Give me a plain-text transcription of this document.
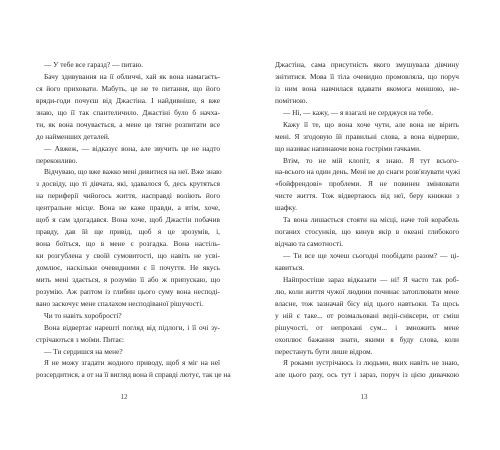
— У тебе все гаразд? — питаю.
Бачу здивування на її обличчі, хай як вона намагаєть-
ся його приховати. Мабуть, це не те питання, що його
вряди-годи почуєш від Джастіна. І найдивніше, я вже
знаю, що її так спантеличило. Джастіні було б начха-
ти, як вона почувається, а мене це тягне розпитати все
до найменших деталей.
— Авжеж, — відказує вона, але звучить це не надто
переконливо.
Відчуваю, що вже важко мені дивитися на неї. Вже знаю
з досвіду, що ті дівчата, які, здавалося б, десь крутяться
на периферії чийогось життя, насправді воліють його
центральне місце. Вона не каже правди, а втім, хоче,
щоб я сам здогадався. Вона хоче, щоб Джастін побачив
правду, дав їй ще привід, щоб я це зрозумів, і,
вона боїться, що в мене є розгадка. Вона настіль-
ки розгублена у своїй сумовитості, що навіть не усві-
домлює, наскільки очевидними є її почуття. Не якусь
мить мені здається, я розумію її або ж припускаю, що
розумію. Аж раптом із глибин цього суму вона несподі-
вано заскочує мене спалахом несподіваної рішучості.
Чи то навіть хоробрості?
Вона відвертає нарешті погляд від підлоги, і її очі зу-
стрічаються з моїми. Питає:
— Ти сердишся на мене?
Я не можу згадати жодного приводу, щоб я міг на неї
розсердитися, а от на її вигляд вона й справді лютує, так це на
12
Джастіна, сама присутність якого змушувала дівчину
знітитися. Мова її тіла очевидно промовляла, що поруч
із ним вона навчилася вдавати якомога меншою, не-
помітною.
— Ні, — кажу, — я взагалі не серджуся на тебе.
Кажу її те, що вона хоче чути, але вона не вірить
мені. Я згодовую їй правильні слова, а вона відверше,
що називає напинаючи вона гостріми гачками.
Втім, то не мій клопіт, я знаю. Я тут всього-
на-всього на один день. Мені не до снаги розв'язувати чужі
«бойфрендові» проблеми. Я не повинен змінювати
чисте життя. Тож відвертаюсь від неї, беру книжки з
шафку.
Та вона лишається стояти на місці, наче той корабель
поганих стосунків, що кинув якір в океані глибокого
відчаю та самотності.
— Ти все ще хочеш сьогодні пообідати разом? — ці-
кавиться.
Найпростіше зараз відказати — ні! Я часто так роб-
лю, коли життя чужої людини починає затоплювати мене
власне, тож зазначай бісу від цього навтьоки. Та щось
у ній є таке... от розмальовані ведіі-сніксери, от сміш
рішучості, от непрохані сум... і змножить мене
охоплює бажання знати, якими я буду слова, коли
перестануть бути лише відром.
Я роками зустрічаюсь із людьми, яких навіть не знаю,
але цього разу, ось тут і зараз, поруч із цією дивачкою
13
